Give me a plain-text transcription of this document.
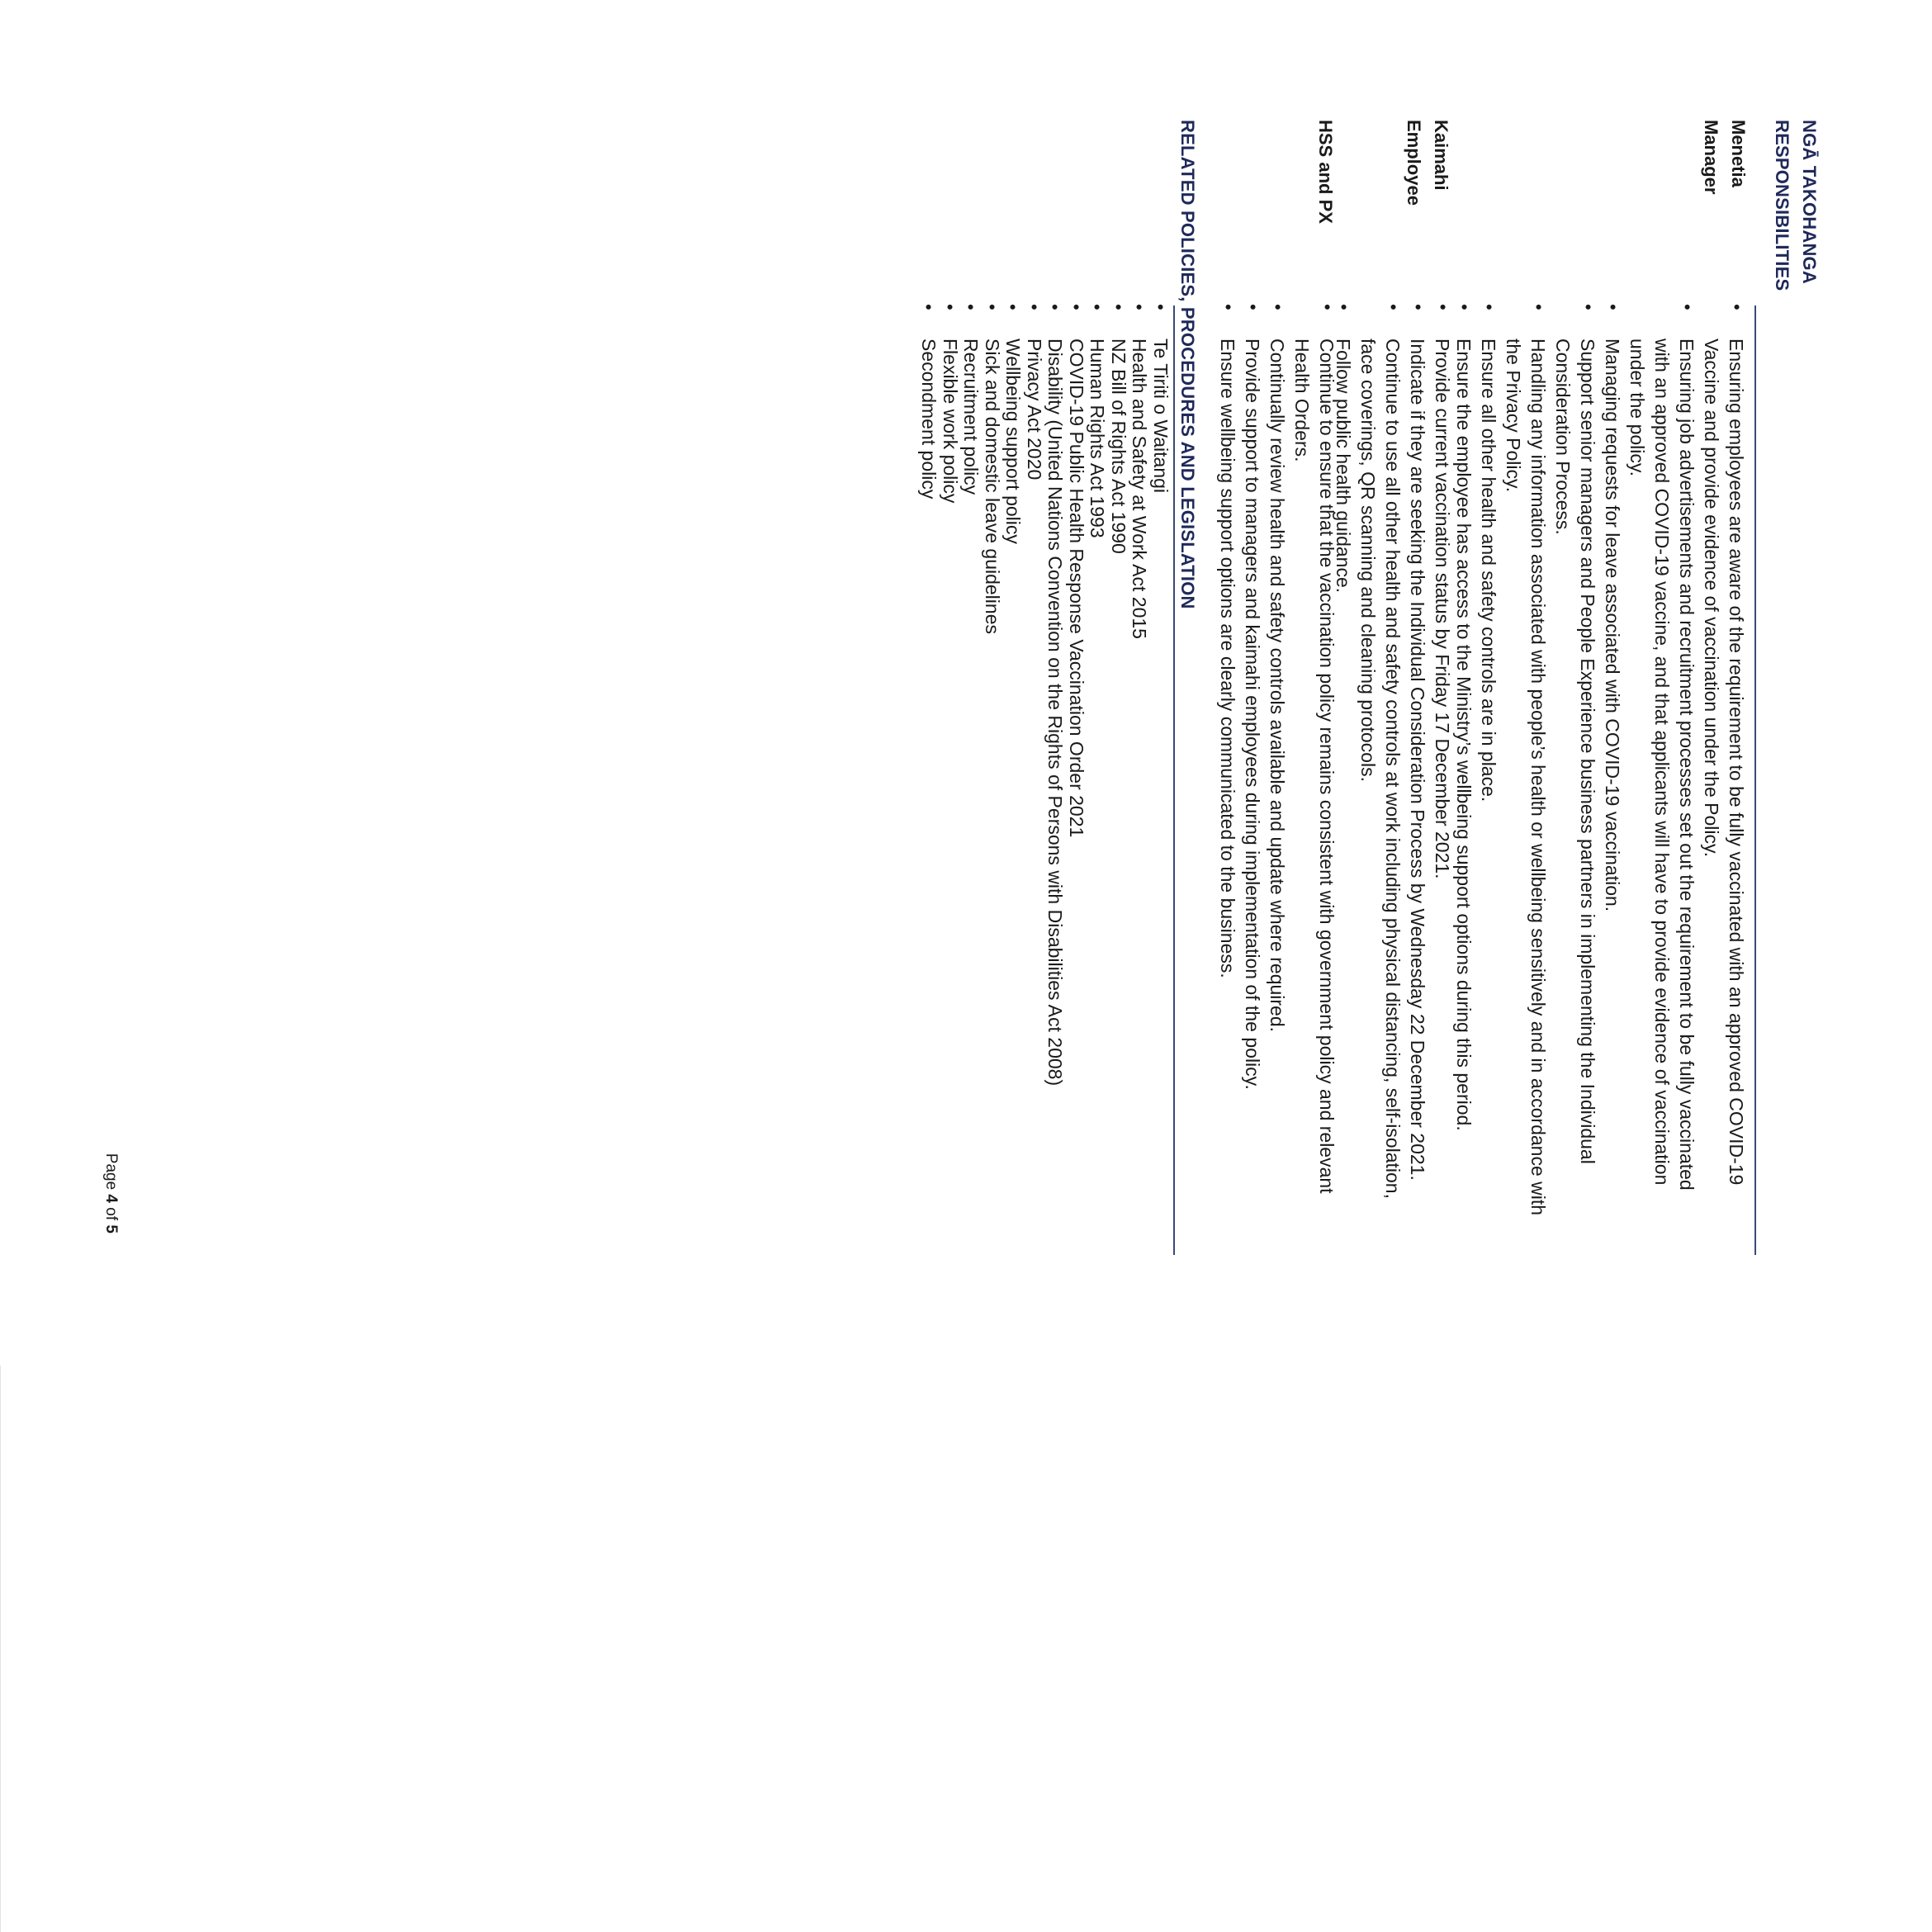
NGĀ TAKOHANGA
RESPONSIBILITIES
Menetia
Manager
• Ensuring employees are aware of the requirement to be fully vaccinated with an approved COVID-19 Vaccine and provide evidence of vaccination under the Policy.
• Ensuring job advertisements and recruitment processes set out the requirement to be fully vaccinated with an approved COVID-19 vaccine, and that applicants will have to provide evidence of vaccination under the policy.
• Managing requests for leave associated with COVID-19 vaccination.
• Support senior managers and People Experience business partners in implementing the Individual Consideration Process.
• Handling any information associated with people’s health or wellbeing sensitively and in accordance with the Privacy Policy.
• Ensure all other health and safety controls are in place.
• Ensure the employee has access to the Ministry’s wellbeing support options during this period.
Kaimahi
Employee
• Provide current vaccination status by Friday 17 December 2021.
• Indicate if they are seeking the Individual Consideration Process by Wednesday 22 December 2021.
• Continue to use all other health and safety controls at work including physical distancing, self-isolation, face coverings, QR scanning and cleaning protocols.
• Follow public health guidance.
HSS and PX
• Continue to ensure that the vaccination policy remains consistent with government policy and relevant Health Orders.
• Continually review health and safety controls available and update where required.
• Provide support to managers and kaimahi employees during implementation of the policy.
• Ensure wellbeing support options are clearly communicated to the business.
RELATED POLICIES, PROCEDURES AND LEGISLATION
• Te Tiriti o Waitangi
• Health and Safety at Work Act 2015
• NZ Bill of Rights Act 1990
• Human Rights Act 1993
• COVID-19 Public Health Response Vaccination Order 2021
• Disability (United Nations Convention on the Rights of Persons with Disabilities Act 2008)
• Privacy Act 2020
• Wellbeing support policy
• Sick and domestic leave guidelines
• Recruitment policy
• Flexible work policy
• Secondment policy
Page 4 of 5
